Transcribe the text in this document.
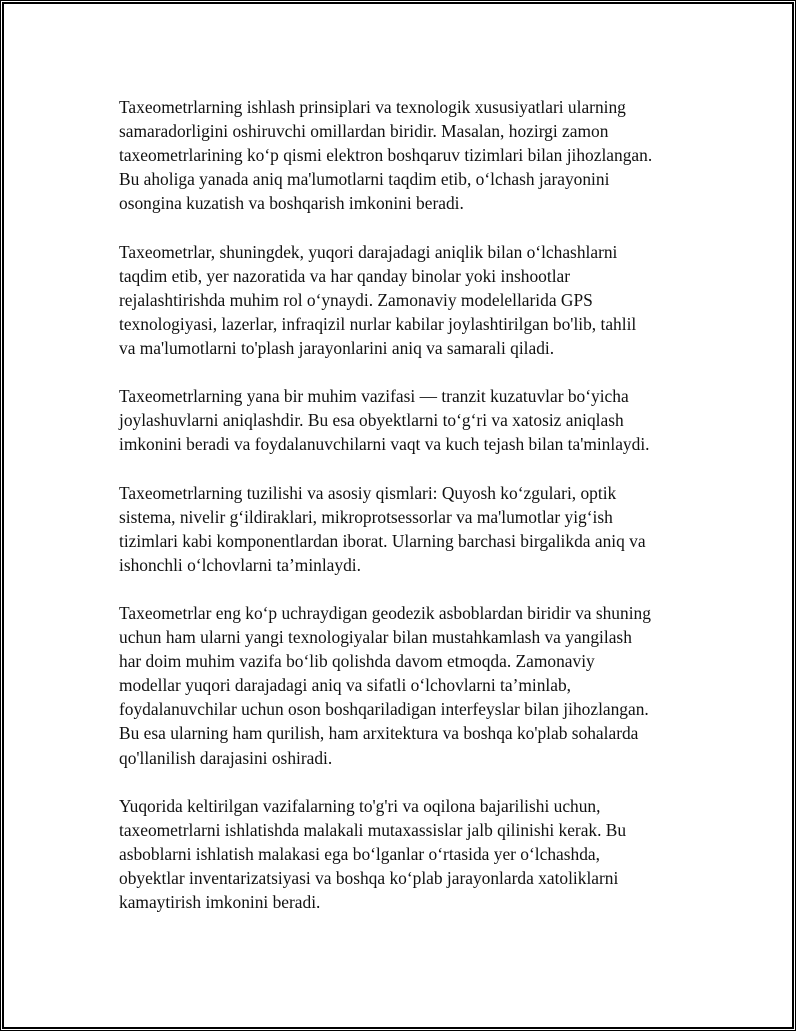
Taxeometrlarning ishlash prinsiplari va texnologik xususiyatlari ularning
samaradorligini oshiruvchi omillardan biridir. Masalan, hozirgi zamon
taxeometrlarining ko‘p qismi elektron boshqaruv tizimlari bilan jihozlangan.
Bu aholiga yanada aniq ma'lumotlarni taqdim etib, o‘lchash jarayonini
osongina kuzatish va boshqarish imkonini beradi.

Taxeometrlar, shuningdek, yuqori darajadagi aniqlik bilan o‘lchashlarni
taqdim etib, yer nazoratida va har qanday binolar yoki inshootlar
rejalashtirishda muhim rol o‘ynaydi. Zamonaviy modelellarida GPS
texnologiyasi, lazerlar, infraqizil nurlar kabilar joylashtirilgan bo'lib, tahlil
va ma'lumotlarni to'plash jarayonlarini aniq va samarali qiladi.

Taxeometrlarning yana bir muhim vazifasi — tranzit kuzatuvlar bo‘yicha
joylashuvlarni aniqlashdir. Bu esa obyektlarni to‘g‘ri va xatosiz aniqlash
imkonini beradi va foydalanuvchilarni vaqt va kuch tejash bilan ta'minlaydi.

Taxeometrlarning tuzilishi va asosiy qismlari: Quyosh ko‘zgulari, optik
sistema, nivelir g‘ildiraklari, mikroprotsessorlar va ma'lumotlar yig‘ish
tizimlari kabi komponentlardan iborat. Ularning barchasi birgalikda aniq va
ishonchli o‘lchovlarni ta’minlaydi.

Taxeometrlar eng ko‘p uchraydigan geodezik asboblardan biridir va shuning
uchun ham ularni yangi texnologiyalar bilan mustahkamlash va yangilash
har doim muhim vazifa bo‘lib qolishda davom etmoqda. Zamonaviy
modellar yuqori darajadagi aniq va sifatli o‘lchovlarni ta’minlab,
foydalanuvchilar uchun oson boshqariladigan interfeyslar bilan jihozlangan.
Bu esa ularning ham qurilish, ham arxitektura va boshqa ko'plab sohalarda
qo'llanilish darajasini oshiradi.

Yuqorida keltirilgan vazifalarning to'g'ri va oqilona bajarilishi uchun,
taxeometrlarni ishlatishda malakali mutaxassislar jalb qilinishi kerak. Bu
asboblarni ishlatish malakasi ega bo‘lganlar o‘rtasida yer o‘lchashda,
obyektlar inventarizatsiyasi va boshqa ko‘plab jarayonlarda xatoliklarni
kamaytirish imkonini beradi.
